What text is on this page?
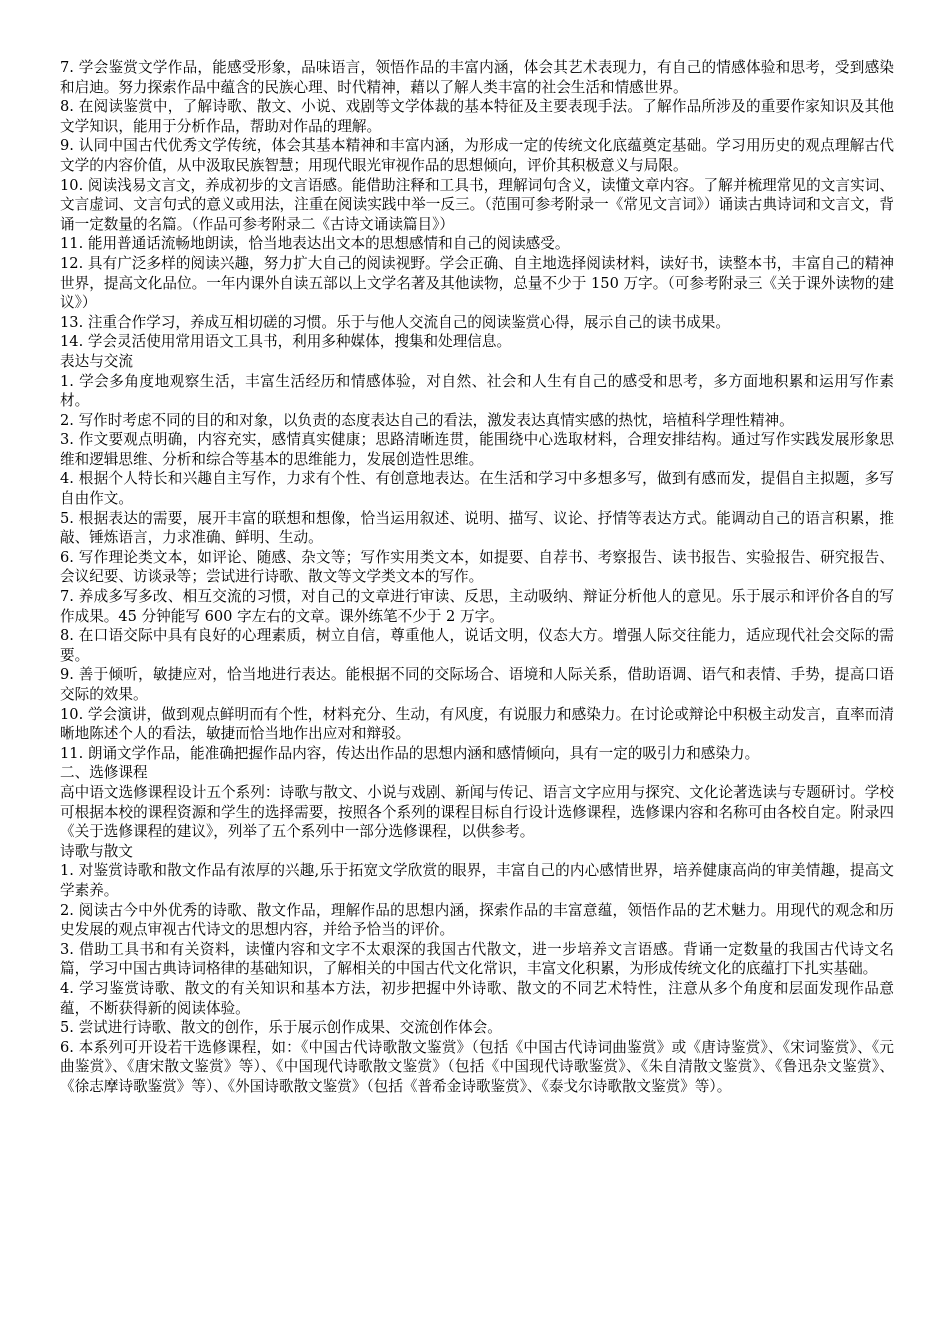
7. 学会鉴赏文学作品，能感受形象，品味语言，领悟作品的丰富内涵，体会其艺术表现力，有自己的情感体验和思考，受到感染和启迪。努力探索作品中蕴含的民族心理、时代精神，藉以了解人类丰富的社会生活和情感世界。

8. 在阅读鉴赏中，了解诗歌、散文、小说、戏剧等文学体裁的基本特征及主要表现手法。了解作品所涉及的重要作家知识及其他文学知识，能用于分析作品，帮助对作品的理解。

9. 认同中国古代优秀文学传统，体会其基本精神和丰富内涵，为形成一定的传统文化底蕴奠定基础。学习用历史的观点理解古代文学的内容价值，从中汲取民族智慧；用现代眼光审视作品的思想倾向，评价其积极意义与局限。

10. 阅读浅易文言文，养成初步的文言语感。能借助注释和工具书，理解词句含义，读懂文章内容。了解并梳理常见的文言实词、文言虚词、文言句式的意义或用法，注重在阅读实践中举一反三。（范围可参考附录一《常见文言词》）诵读古典诗词和文言文，背诵一定数量的名篇。（作品可参考附录二《古诗文诵读篇目》）

11. 能用普通话流畅地朗读，恰当地表达出文本的思想感情和自己的阅读感受。

12. 具有广泛多样的阅读兴趣，努力扩大自己的阅读视野。学会正确、自主地选择阅读材料，读好书，读整本书，丰富自己的精神世界，提高文化品位。一年内课外自读五部以上文学名著及其他读物，总量不少于 150 万字。（可参考附录三《关于课外读物的建议》）

13. 注重合作学习，养成互相切磋的习惯。乐于与他人交流自己的阅读鉴赏心得，展示自己的读书成果。

14. 学会灵活使用常用语文工具书，利用多种媒体，搜集和处理信息。

表达与交流

1. 学会多角度地观察生活，丰富生活经历和情感体验，对自然、社会和人生有自己的感受和思考，多方面地积累和运用写作素材。

2. 写作时考虑不同的目的和对象，以负责的态度表达自己的看法，激发表达真情实感的热忱，培植科学理性精神。

3. 作文要观点明确，内容充实，感情真实健康；思路清晰连贯，能围绕中心选取材料，合理安排结构。通过写作实践发展形象思维和逻辑思维、分析和综合等基本的思维能力，发展创造性思维。

4. 根据个人特长和兴趣自主写作，力求有个性、有创意地表达。在生活和学习中多想多写，做到有感而发，提倡自主拟题，多写自由作文。

5. 根据表达的需要，展开丰富的联想和想像，恰当运用叙述、说明、描写、议论、抒情等表达方式。能调动自己的语言积累，推敲、锤炼语言，力求准确、鲜明、生动。

6. 写作理论类文本，如评论、随感、杂文等；写作实用类文本，如提要、自荐书、考察报告、读书报告、实验报告、研究报告、会议纪要、访谈录等；尝试进行诗歌、散文等文学类文本的写作。

7. 养成多写多改、相互交流的习惯，对自己的文章进行审读、反思，主动吸纳、辩证分析他人的意见。乐于展示和评价各自的写作成果。45 分钟能写 600 字左右的文章。课外练笔不少于 2 万字。

8. 在口语交际中具有良好的心理素质，树立自信，尊重他人，说话文明，仪态大方。增强人际交往能力，适应现代社会交际的需要。

9. 善于倾听，敏捷应对，恰当地进行表达。能根据不同的交际场合、语境和人际关系，借助语调、语气和表情、手势，提高口语交际的效果。

10. 学会演讲，做到观点鲜明而有个性，材料充分、生动，有风度，有说服力和感染力。在讨论或辩论中积极主动发言，直率而清晰地陈述个人的看法，敏捷而恰当地作出应对和辩驳。

11. 朗诵文学作品，能准确把握作品内容，传达出作品的思想内涵和感情倾向，具有一定的吸引力和感染力。

二、选修课程

高中语文选修课程设计五个系列：诗歌与散文、小说与戏剧、新闻与传记、语言文字应用与探究、文化论著选读与专题研讨。学校可根据本校的课程资源和学生的选择需要，按照各个系列的课程目标自行设计选修课程，选修课内容和名称可由各校自定。附录四《关于选修课程的建议》，列举了五个系列中一部分选修课程，以供参考。

诗歌与散文

1. 对鉴赏诗歌和散文作品有浓厚的兴趣,乐于拓宽文学欣赏的眼界，丰富自己的内心感情世界，培养健康高尚的审美情趣，提高文学素养。

2. 阅读古今中外优秀的诗歌、散文作品，理解作品的思想内涵，探索作品的丰富意蕴，领悟作品的艺术魅力。用现代的观念和历史发展的观点审视古代诗文的思想内容，并给予恰当的评价。

3. 借助工具书和有关资料，读懂内容和文字不太艰深的我国古代散文，进一步培养文言语感。背诵一定数量的我国古代诗文名篇，学习中国古典诗词格律的基础知识，了解相关的中国古代文化常识，丰富文化积累，为形成传统文化的底蕴打下扎实基础。

4. 学习鉴赏诗歌、散文的有关知识和基本方法，初步把握中外诗歌、散文的不同艺术特性，注意从多个角度和层面发现作品意蕴，不断获得新的阅读体验。

5. 尝试进行诗歌、散文的创作，乐于展示创作成果、交流创作体会。

6. 本系列可开设若干选修课程，如：《中国古代诗歌散文鉴赏》（包括《中国古代诗词曲鉴赏》或《唐诗鉴赏》、《宋词鉴赏》、《元曲鉴赏》、《唐宋散文鉴赏》等）、《中国现代诗歌散文鉴赏》（包括《中国现代诗歌鉴赏》、《朱自清散文鉴赏》、《鲁迅杂文鉴赏》、《徐志摩诗歌鉴赏》等）、《外国诗歌散文鉴赏》（包括《普希金诗歌鉴赏》、《泰戈尔诗歌散文鉴赏》等）。
